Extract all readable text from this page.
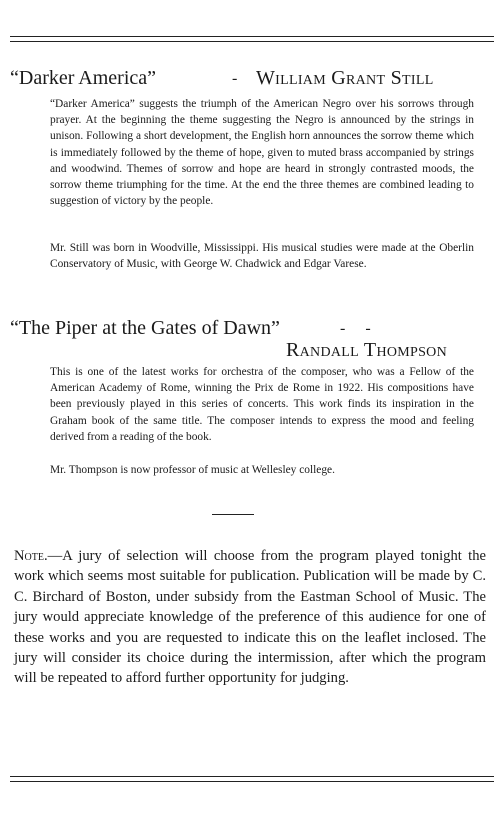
“Darker America”	- William Grant Still

“Darker America” suggests the triumph of the American Negro over his sorrows through prayer. At the beginning the theme suggesting the Negro is announced by the strings in unison. Following a short development, the English horn announces the sorrow theme which is immediately followed by the theme of hope, given to muted brass accompanied by strings and woodwind. Themes of sorrow and hope are heard in strongly contrasted moods, the sorrow theme triumphing for the time. At the end the three themes are combined leading to suggestion of victory by the people.

Mr. Still was born in Woodville, Mississippi. His musical studies were made at the Oberlin Conservatory of Music, with George W. Chadwick and Edgar Varese.

“The Piper at the Gates of Dawn”	-     -
Randall Thompson

This is one of the latest works for orchestra of the composer, who was a Fellow of the American Academy of Rome, winning the Prix de Rome in 1922. His compositions have been previously played in this series of concerts. This work finds its inspiration in the Graham book of the same title. The composer intends to express the mood and feeling derived from a reading of the book.

Mr. Thompson is now professor of music at Wellesley college.

Note.—A jury of selection will choose from the program played tonight the work which seems most suitable for publication. Publication will be made by C. C. Birchard of Boston, under subsidy from the Eastman School of Music. The jury would appreciate knowledge of the preference of this audience for one of these works and you are requested to indicate this on the leaflet inclosed. The jury will consider its choice during the intermission, after which the program will be repeated to afford further opportunity for judging.
